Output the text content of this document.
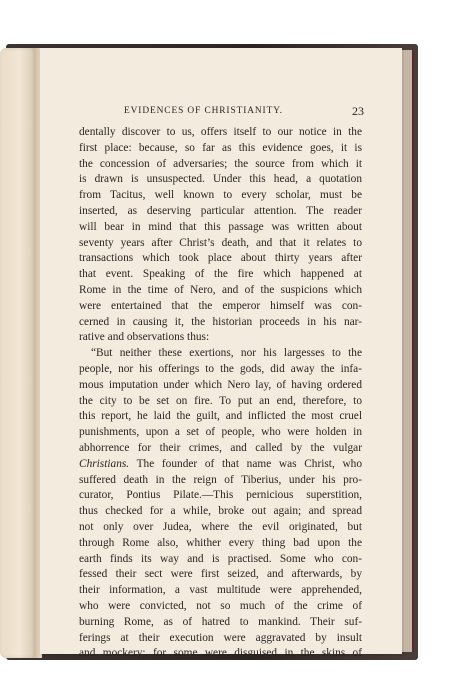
EVIDENCES OF CHRISTIANITY.	23
dentally discover to us, offers itself to our notice in the
first place: because, so far as this evidence goes, it is
the concession of adversaries; the source from which it
is drawn is unsuspected. Under this head, a quotation
from Tacitus, well known to every scholar, must be
inserted, as deserving particular attention. The reader
will bear in mind that this passage was written about
seventy years after Christ’s death, and that it relates to
transactions which took place about thirty years after
that event. Speaking of the fire which happened at
Rome in the time of Nero, and of the suspicions which
were entertained that the emperor himself was con-
cerned in causing it, the historian proceeds in his nar-
rative and observations thus:
“But neither these exertions, nor his largesses to the
people, nor his offerings to the gods, did away the infa-
mous imputation under which Nero lay, of having ordered
the city to be set on fire. To put an end, therefore, to
this report, he laid the guilt, and inflicted the most cruel
punishments, upon a set of people, who were holden in
abhorrence for their crimes, and called by the vulgar
Christians. The founder of that name was Christ, who
suffered death in the reign of Tiberius, under his pro-
curator, Pontius Pilate.—This pernicious superstition,
thus checked for a while, broke out again; and spread
not only over Judea, where the evil originated, but
through Rome also, whither every thing bad upon the
earth finds its way and is practised. Some who con-
fessed their sect were first seized, and afterwards, by
their information, a vast multitude were apprehended,
who were convicted, not so much of the crime of
burning Rome, as of hatred to mankind. Their suf-
ferings at their execution were aggravated by insult
and mockery; for some were disguised in the skins of
